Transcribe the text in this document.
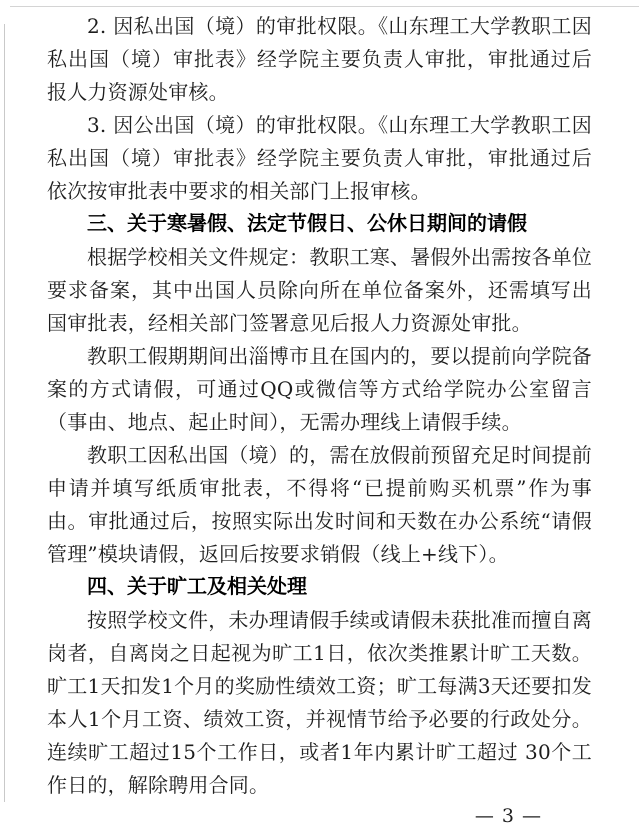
2. 因私出国（境）的审批权限。《山东理工大学教职工因私出国（境）审批表》经学院主要负责人审批，审批通过后报人力资源处审核。

3. 因公出国（境）的审批权限。《山东理工大学教职工因私出国（境）审批表》经学院主要负责人审批，审批通过后依次按审批表中要求的相关部门上报审核。

三、关于寒暑假、法定节假日、公休日期间的请假

根据学校相关文件规定：教职工寒、暑假外出需按各单位要求备案，其中出国人员除向所在单位备案外，还需填写出国审批表，经相关部门签署意见后报人力资源处审批。

教职工假期期间出淄博市且在国内的，要以提前向学院备案的方式请假，可通过QQ或微信等方式给学院办公室留言（事由、地点、起止时间），无需办理线上请假手续。

教职工因私出国（境）的，需在放假前预留充足时间提前申请并填写纸质审批表，不得将“已提前购买机票”作为事由。审批通过后，按照实际出发时间和天数在办公系统“请假管理”模块请假，返回后按要求销假（线上+线下）。

四、关于旷工及相关处理

按照学校文件，未办理请假手续或请假未获批准而擅自离岗者，自离岗之日起视为旷工1日，依次类推累计旷工天数。旷工1天扣发1个月的奖励性绩效工资；旷工每满3天还要扣发本人1个月工资、绩效工资，并视情节给予必要的行政处分。连续旷工超过15个工作日，或者1年内累计旷工超过 30个工作日的，解除聘用合同。

— 3 —
